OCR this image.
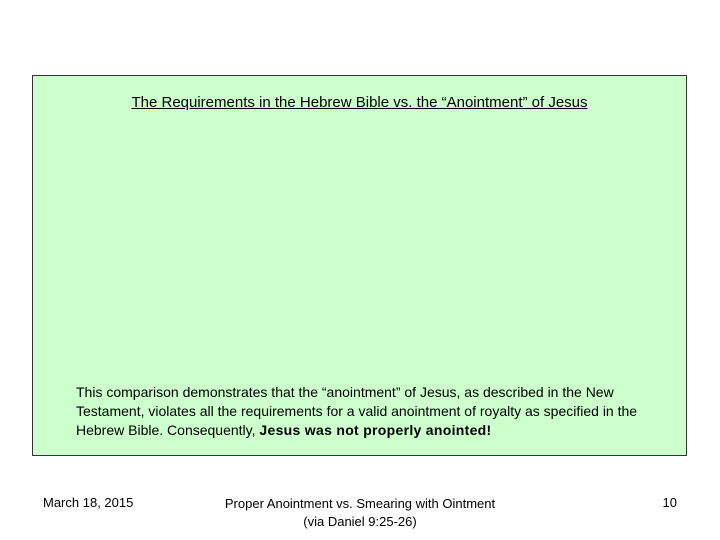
The Requirements in the Hebrew Bible vs. the “Anointment” of Jesus
This comparison demonstrates that the “anointment” of Jesus, as described in the New Testament, violates all the requirements for a valid anointment of royalty as specified in the Hebrew Bible. Consequently, Jesus was not properly anointed!
March 18, 2015	Proper Anointment vs. Smearing with Ointment
(via Daniel 9:25-26)
10
